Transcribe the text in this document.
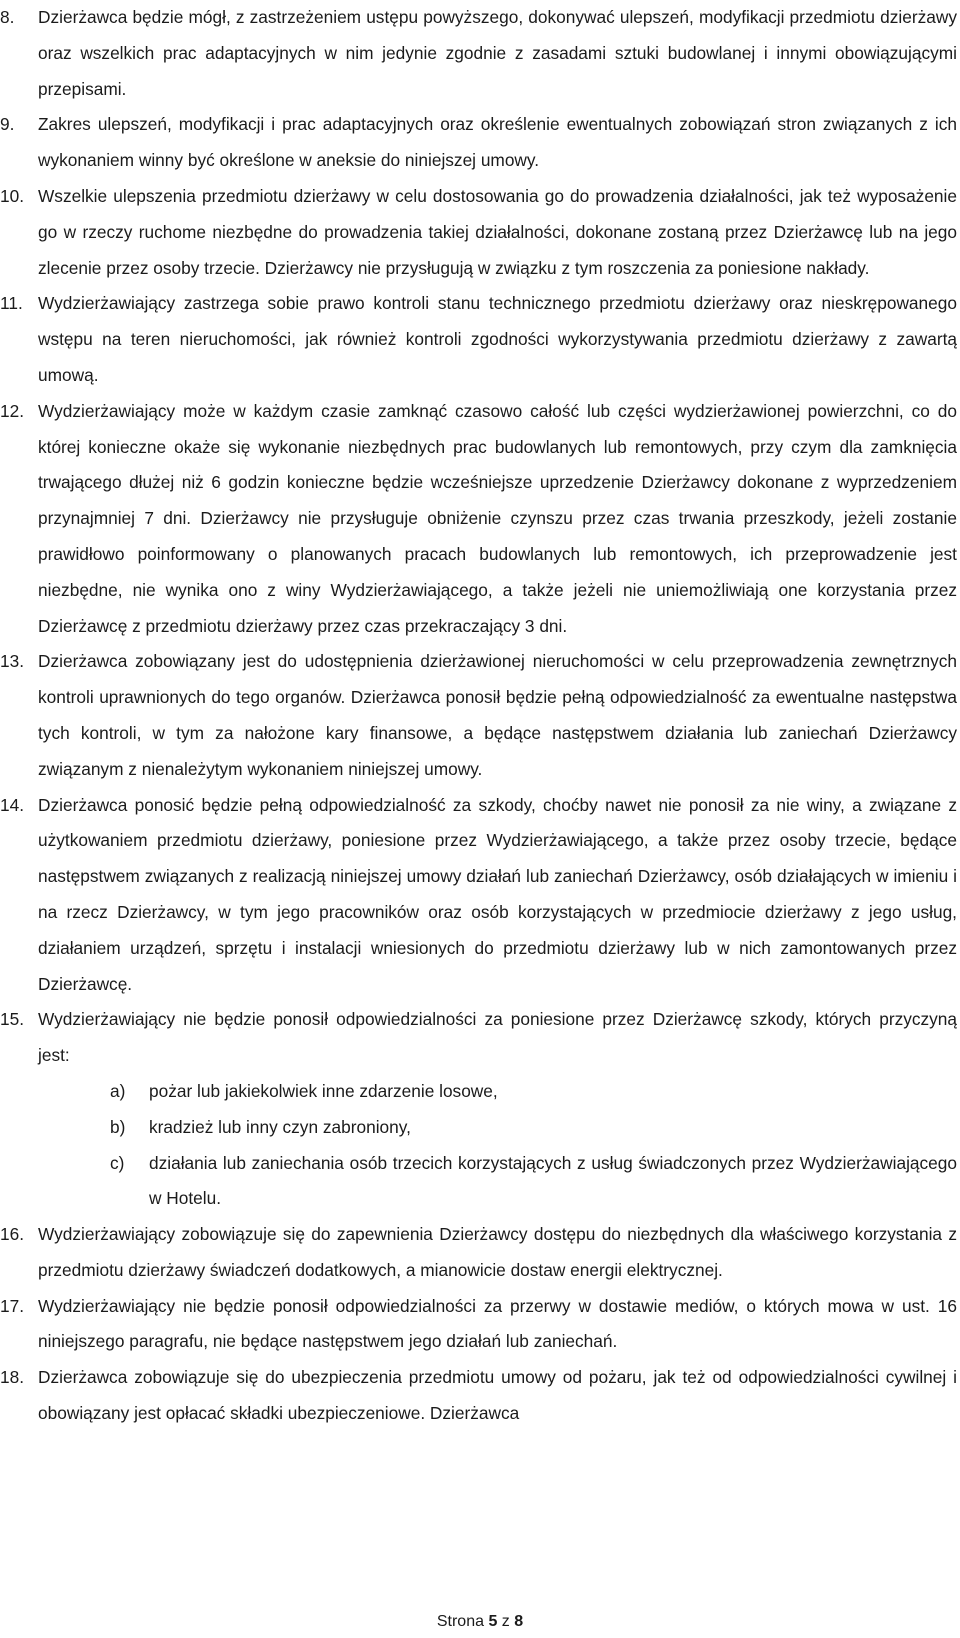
8. Dzierżawca będzie mógł, z zastrzeżeniem ustępu powyższego, dokonywać ulepszeń, modyfikacji przedmiotu dzierżawy oraz wszelkich prac adaptacyjnych w nim jedynie zgodnie z zasadami sztuki budowlanej i innymi obowiązującymi przepisami.
9. Zakres ulepszeń, modyfikacji i prac adaptacyjnych oraz określenie ewentualnych zobowiązań stron związanych z ich wykonaniem winny być określone w aneksie do niniejszej umowy.
10. Wszelkie ulepszenia przedmiotu dzierżawy w celu dostosowania go do prowadzenia działalności, jak też wyposażenie go w rzeczy ruchome niezbędne do prowadzenia takiej działalności, dokonane zostaną przez Dzierżawcę lub na jego zlecenie przez osoby trzecie. Dzierżawcy nie przysługują w związku z tym roszczenia za poniesione nakłady.
11. Wydzierżawiający zastrzega sobie prawo kontroli stanu technicznego przedmiotu dzierżawy oraz nieskrępowanego wstępu na teren nieruchomości, jak również kontroli zgodności wykorzystywania przedmiotu dzierżawy z zawartą umową.
12. Wydzierżawiający może w każdym czasie zamknąć czasowo całość lub części wydzierżawionej powierzchni, co do której konieczne okaże się wykonanie niezbędnych prac budowlanych lub remontowych, przy czym dla zamknięcia trwającego dłużej niż 6 godzin konieczne będzie wcześniejsze uprzedzenie Dzierżawcy dokonane z wyprzedzeniem przynajmniej 7 dni. Dzierżawcy nie przysługuje obniżenie czynszu przez czas trwania przeszkody, jeżeli zostanie prawidłowo poinformowany o planowanych pracach budowlanych lub remontowych, ich przeprowadzenie jest niezbędne, nie wynika ono z winy Wydzierżawiającego, a także jeżeli nie uniemożliwiają one korzystania przez Dzierżawcę z przedmiotu dzierżawy przez czas przekraczający 3 dni.
13. Dzierżawca zobowiązany jest do udostępnienia dzierżawionej nieruchomości w celu przeprowadzenia zewnętrznych kontroli uprawnionych do tego organów. Dzierżawca ponosił będzie pełną odpowiedzialność za ewentualne następstwa tych kontroli, w tym za nałożone kary finansowe, a będące następstwem działania lub zaniechań Dzierżawcy związanym z nienależytym wykonaniem niniejszej umowy.
14. Dzierżawca ponosić będzie pełną odpowiedzialność za szkody, choćby nawet nie ponosił za nie winy, a związane z użytkowaniem przedmiotu dzierżawy, poniesione przez Wydzierżawiającego, a także przez osoby trzecie, będące następstwem związanych z realizacją niniejszej umowy działań lub zaniechań Dzierżawcy, osób działających w imieniu i na rzecz Dzierżawcy, w tym jego pracowników oraz osób korzystających w przedmiocie dzierżawy z jego usług, działaniem urządzeń, sprzętu i instalacji wniesionych do przedmiotu dzierżawy lub w nich zamontowanych przez Dzierżawcę.
15. Wydzierżawiający nie będzie ponosił odpowiedzialności za poniesione przez Dzierżawcę szkody, których przyczyną jest:
a) pożar lub jakiekolwiek inne zdarzenie losowe,
b) kradzież lub inny czyn zabroniony,
c) działania lub zaniechania osób trzecich korzystających z usług świadczonych przez Wydzierżawiającego w Hotelu.
16. Wydzierżawiający zobowiązuje się do zapewnienia Dzierżawcy dostępu do niezbędnych dla właściwego korzystania z przedmiotu dzierżawy świadczeń dodatkowych, a mianowicie dostaw energii elektrycznej.
17. Wydzierżawiający nie będzie ponosił odpowiedzialności za przerwy w dostawie mediów, o których mowa w ust. 16 niniejszego paragrafu, nie będące następstwem jego działań lub zaniechań.
18. Dzierżawca zobowiązuje się do ubezpieczenia przedmiotu umowy od pożaru, jak też od odpowiedzialności cywilnej i obowiązany jest opłacać składki ubezpieczeniowe. Dzierżawca
Strona 5 z 8
